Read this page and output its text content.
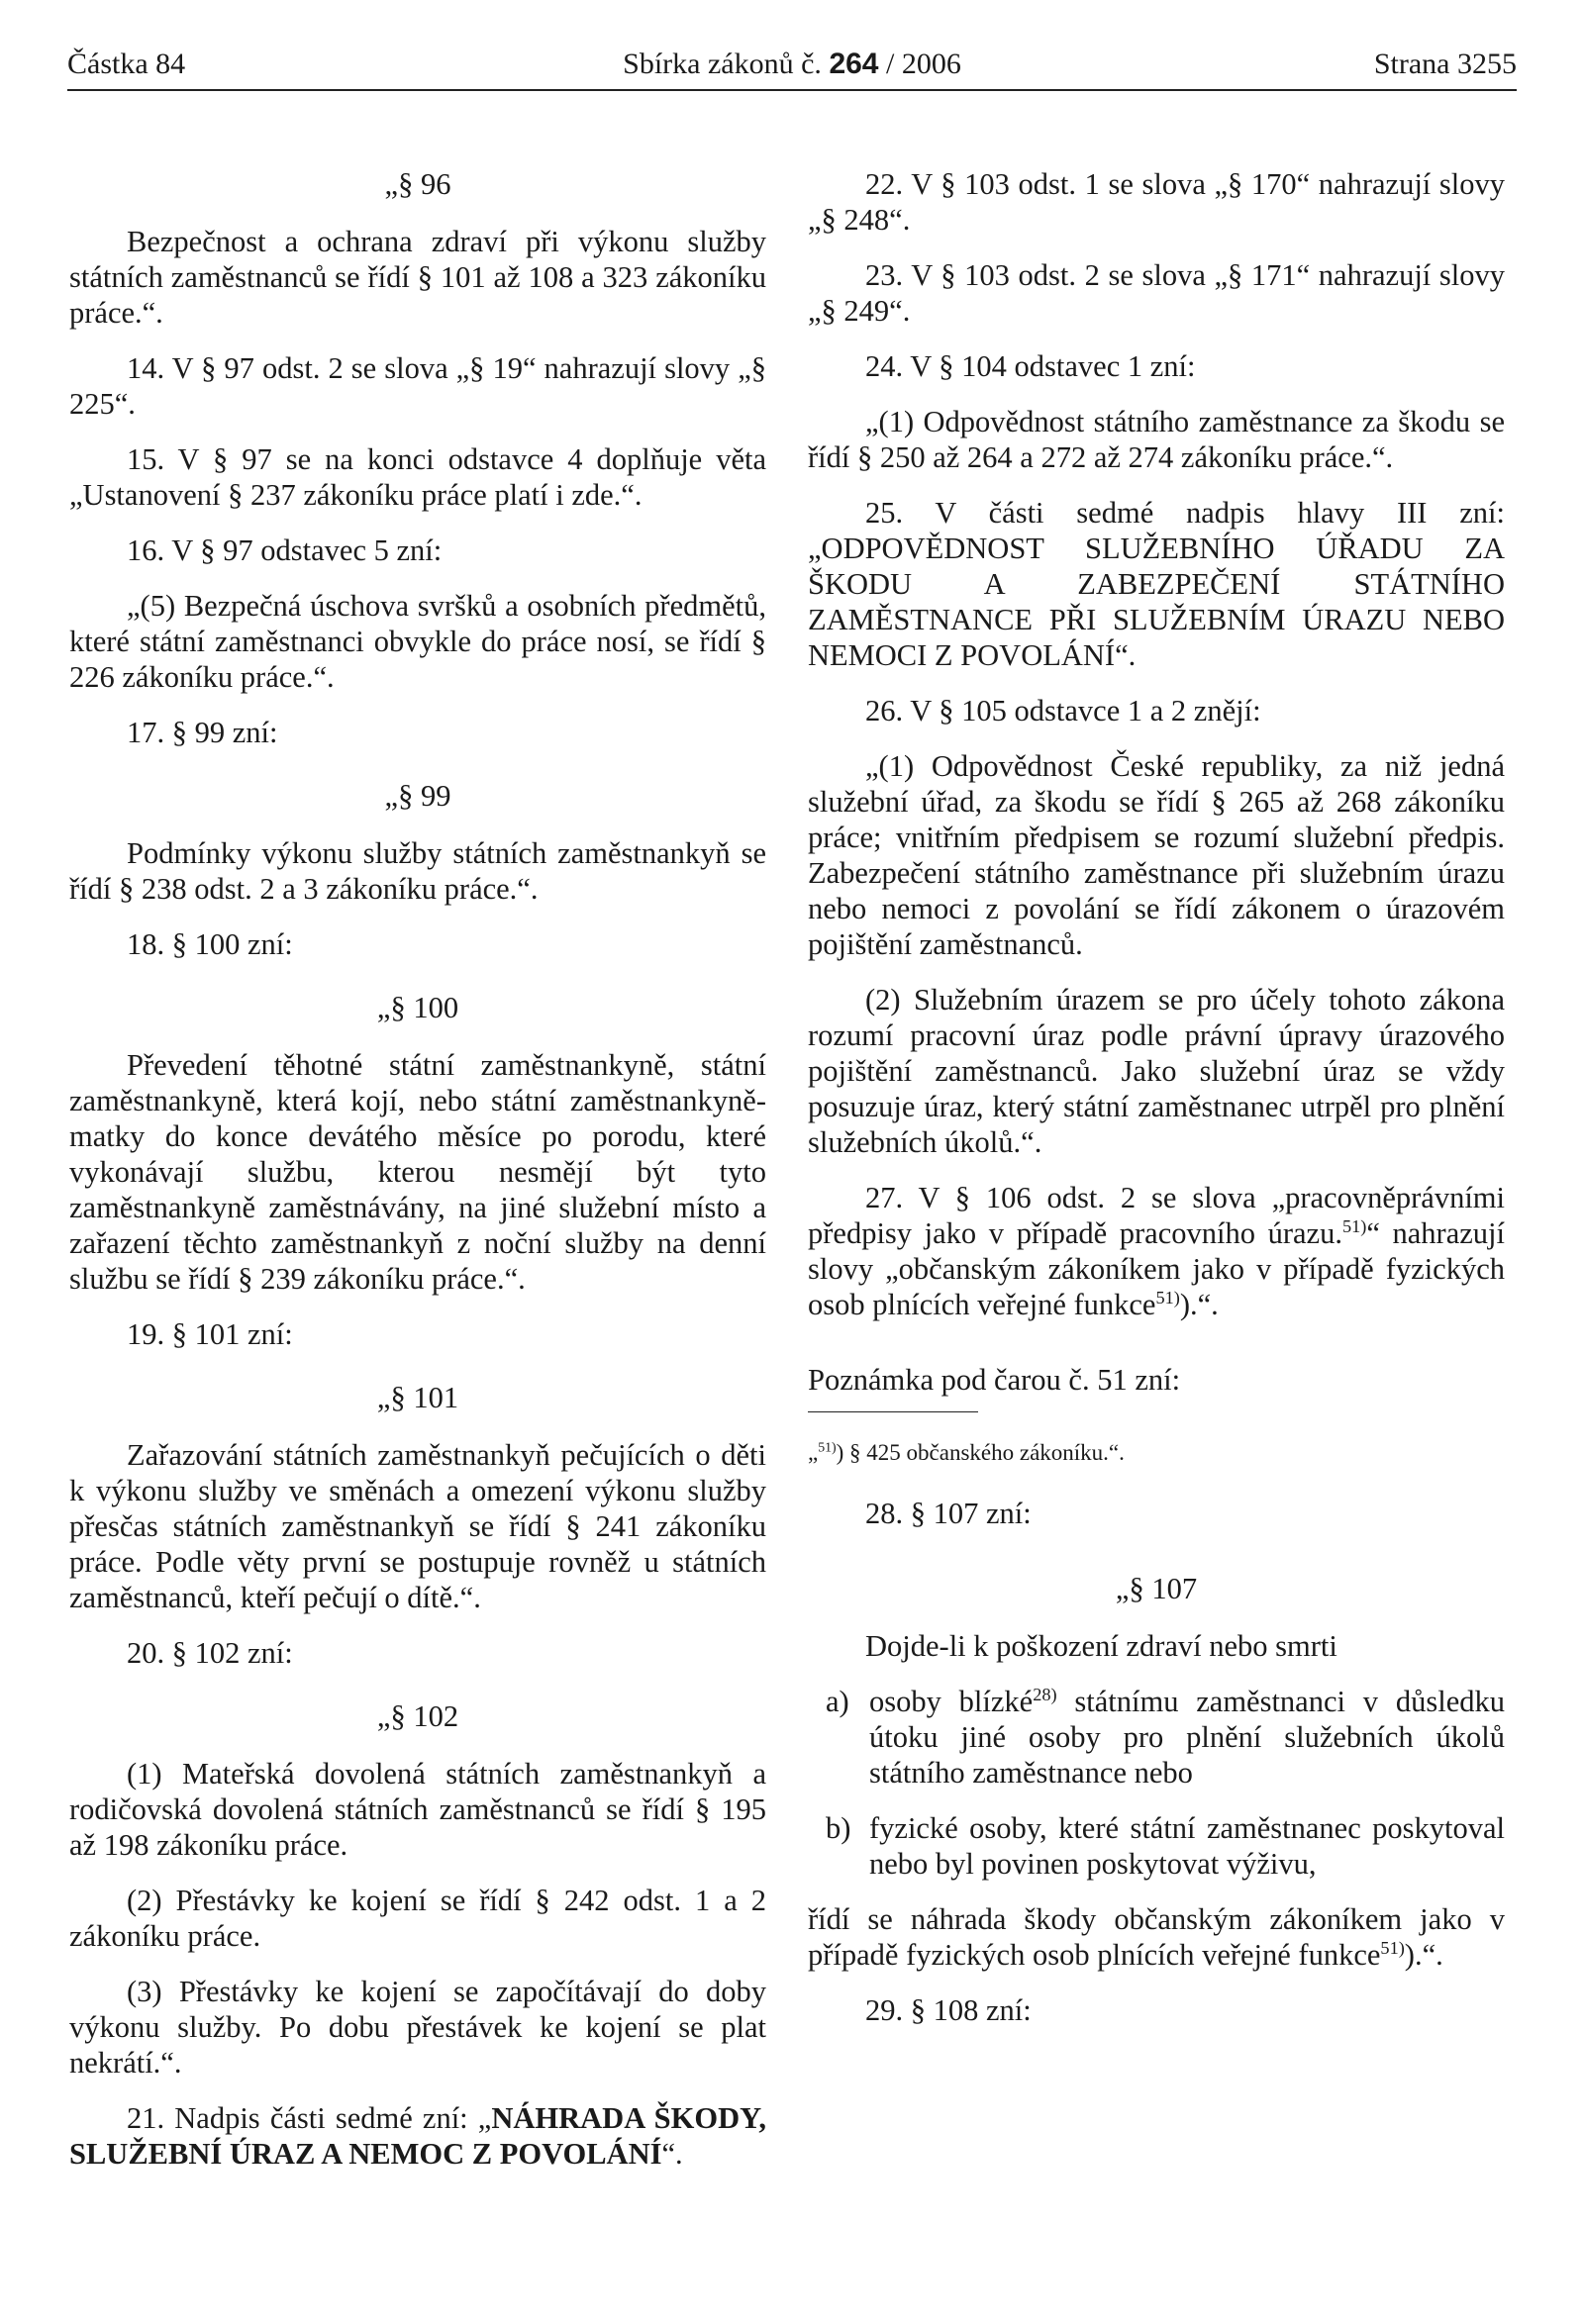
Částka 84	Sbírka zákonů č. 264 / 2006	Strana 3255

„§ 96

Bezpečnost a ochrana zdraví při výkonu služby státních zaměstnanců se řídí § 101 až 108 a 323 zákoníku práce.“.

14. V § 97 odst. 2 se slova „§ 19“ nahrazují slovy „§ 225“.

15. V § 97 se na konci odstavce 4 doplňuje věta „Ustanovení § 237 zákoníku práce platí i zde.“.

16. V § 97 odstavec 5 zní:

„(5) Bezpečná úschova svršků a osobních předmětů, které státní zaměstnanci obvykle do práce nosí, se řídí § 226 zákoníku práce.“.

17. § 99 zní:

„§ 99

Podmínky výkonu služby státních zaměstnankyň se řídí § 238 odst. 2 a 3 zákoníku práce.“.

18. § 100 zní:

„§ 100

Převedení těhotné státní zaměstnankyně, státní zaměstnankyně, která kojí, nebo státní zaměstnankyně-matky do konce devátého měsíce po porodu, které vykonávají službu, kterou nesmějí být tyto zaměstnankyně zaměstnávány, na jiné služební místo a zařazení těchto zaměstnankyň z noční služby na denní službu se řídí § 239 zákoníku práce.“.

19. § 101 zní:

„§ 101

Zařazování státních zaměstnankyň pečujících o děti k výkonu služby ve směnách a omezení výkonu služby přesčas státních zaměstnankyň se řídí § 241 zákoníku práce. Podle věty první se postupuje rovněž u státních zaměstnanců, kteří pečují o dítě.“.

20. § 102 zní:

„§ 102

(1) Mateřská dovolená státních zaměstnankyň a rodičovská dovolená státních zaměstnanců se řídí § 195 až 198 zákoníku práce.

(2) Přestávky ke kojení se řídí § 242 odst. 1 a 2 zákoníku práce.

(3) Přestávky ke kojení se započítávají do doby výkonu služby. Po dobu přestávek ke kojení se plat nekrátí.“.

21. Nadpis části sedmé zní: „NÁHRADA ŠKODY, SLUŽEBNÍ ÚRAZ A NEMOC Z POVOLÁNÍ“.

22. V § 103 odst. 1 se slova „§ 170“ nahrazují slovy „§ 248“.

23. V § 103 odst. 2 se slova „§ 171“ nahrazují slovy „§ 249“.

24. V § 104 odstavec 1 zní:

„(1) Odpovědnost státního zaměstnance za škodu se řídí § 250 až 264 a 272 až 274 zákoníku práce.“.

25. V části sedmé nadpis hlavy III zní: „ODPOVĚDNOST SLUŽEBNÍHO ÚŘADU ZA ŠKODU A ZABEZPEČENÍ STÁTNÍHO ZAMĚSTNANCE PŘI SLUŽEBNÍM ÚRAZU NEBO NEMOCI Z POVOLÁNÍ“.

26. V § 105 odstavce 1 a 2 znějí:

„(1) Odpovědnost České republiky, za niž jedná služební úřad, za škodu se řídí § 265 až 268 zákoníku práce; vnitřním předpisem se rozumí služební předpis. Zabezpečení státního zaměstnance při služebním úrazu nebo nemoci z povolání se řídí zákonem o úrazovém pojištění zaměstnanců.

(2) Služebním úrazem se pro účely tohoto zákona rozumí pracovní úraz podle právní úpravy úrazového pojištění zaměstnanců. Jako služební úraz se vždy posuzuje úraz, který státní zaměstnanec utrpěl pro plnění služebních úkolů.“.

27. V § 106 odst. 2 se slova „pracovněprávními předpisy jako v případě pracovního úrazu.$^{51)}$“ nahrazují slovy „občanským zákoníkem jako v případě fyzických osob plnících veřejné funkce$^{51)}$).“.

Poznámka pod čarou č. 51 zní:

„$^{51)}$) § 425 občanského zákoníku.“.

28. § 107 zní:

„§ 107

Dojde-li k poškození zdraví nebo smrti

a) osoby blízké$^{28)}$ státnímu zaměstnanci v důsledku útoku jiné osoby pro plnění služebních úkolů státního zaměstnance nebo
b) fyzické osoby, které státní zaměstnanec poskytoval nebo byl povinen poskytovat výživu,

řídí se náhrada škody občanským zákoníkem jako v případě fyzických osob plnících veřejné funkce$^{51)}$).“.

29. § 108 zní:
